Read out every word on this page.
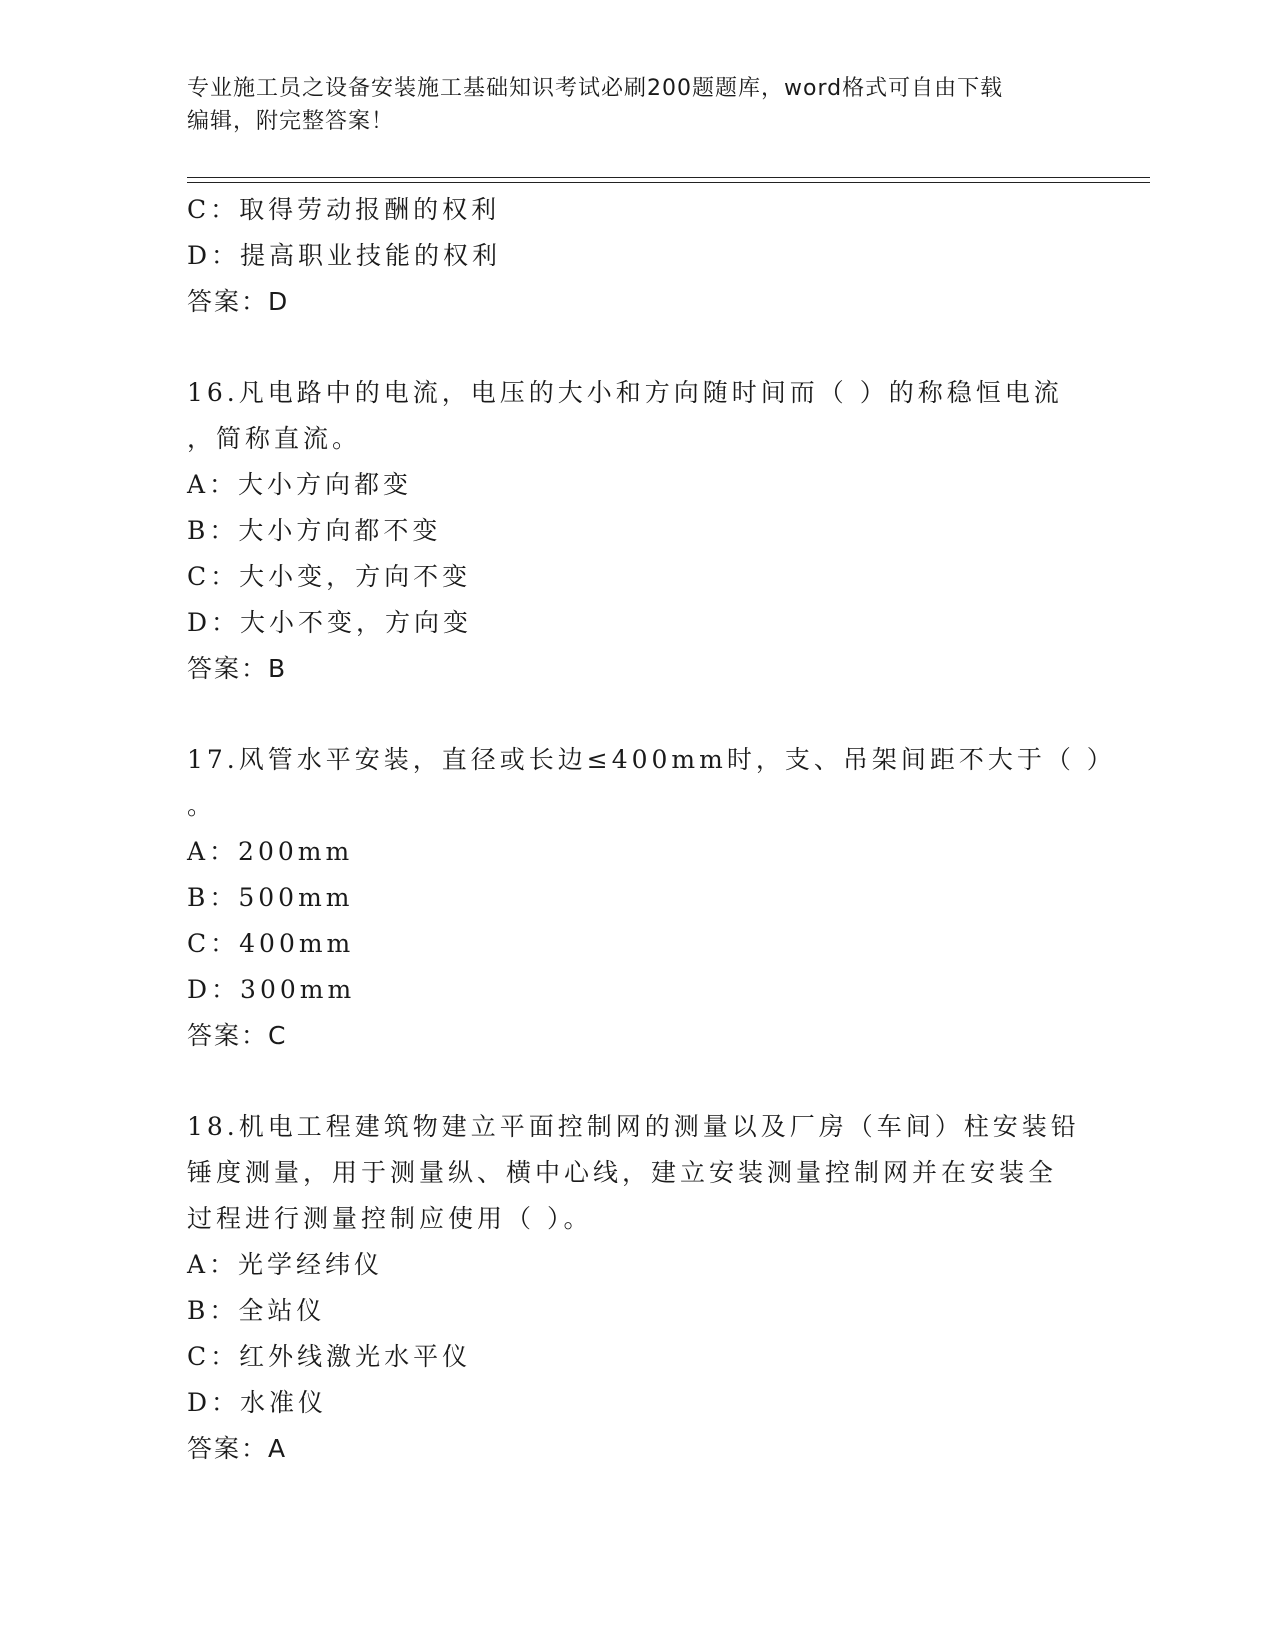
专业施工员之设备安装施工基础知识考试必刷200题题库，word格式可自由下载
编辑，附完整答案！
C：取得劳动报酬的权利
D：提高职业技能的权利
答案：D
16.凡电路中的电流，电压的大小和方向随时间而（ ）的称稳恒电流
，简称直流。
A：大小方向都变
B：大小方向都不变
C：大小变，方向不变
D：大小不变，方向变
答案：B
17.风管水平安装，直径或长边≤400mm时，支、吊架间距不大于（ ）
。
A：200mm
B：500mm
C：400mm
D：300mm
答案：C
18.机电工程建筑物建立平面控制网的测量以及厂房（车间）柱安装铅
锤度测量，用于测量纵、横中心线，建立安装测量控制网并在安装全
过程进行测量控制应使用（ ）。
A：光学经纬仪
B：全站仪
C：红外线激光水平仪
D：水准仪
答案：A
